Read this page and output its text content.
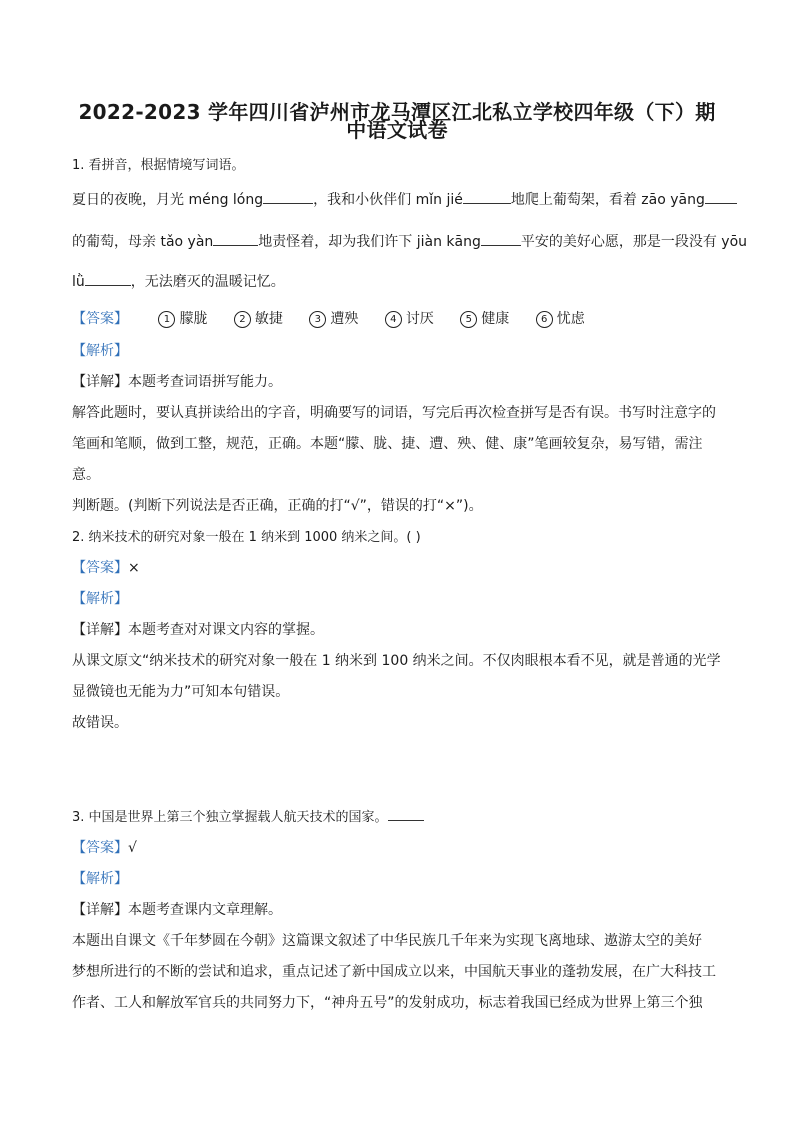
2022-2023 学年四川省泸州市龙马潭区江北私立学校四年级（下）期
中语文试卷
1. 看拼音，根据情境写词语。
夏日的夜晚，月光 méng lóng	，我和小伙伴们 mǐn jié	地爬上葡萄架，看着 zāo yāng
的葡萄，母亲 tǎo yàn	地责怪着，却为我们许下 jiàn kāng	平安的美好心愿，那是一段没有 yōu
lǜ	，无法磨灭的温暖记忆。
【答案】	1 朦胧	2 敏捷	3 遭殃	4 讨厌	5 健康	6 忧虑
【解析】
【详解】本题考查词语拼写能力。
解答此题时，要认真拼读给出的字音，明确要写的词语，写完后再次检查拼写是否有误。书写时注意字的
笔画和笔顺，做到工整，规范，正确。本题“朦、胧、捷、遭、殃、健、康”笔画较复杂，易写错，需注
意。
判断题。(判断下列说法是否正确，正确的打“√”，错误的打“×”)。
2. 纳米技术的研究对象一般在 1 纳米到 1000 纳米之间。( )
【答案】×
【解析】
【详解】本题考查对对课文内容的掌握。
从课文原文“纳米技术的研究对象一般在 1 纳米到 100 纳米之间。不仅肉眼根本看不见，就是普通的光学
显微镜也无能为力”可知本句错误。
故错误。
3. 中国是世界上第三个独立掌握载人航天技术的国家。
【答案】√
【解析】
【详解】本题考查课内文章理解。
本题出自课文《千年梦圆在今朝》这篇课文叙述了中华民族几千年来为实现飞离地球、遨游太空的美好
梦想所进行的不断的尝试和追求，重点记述了新中国成立以来，中国航天事业的蓬勃发展，在广大科技工
作者、工人和解放军官兵的共同努力下，“神舟五号”的发射成功，标志着我国已经成为世界上第三个独
